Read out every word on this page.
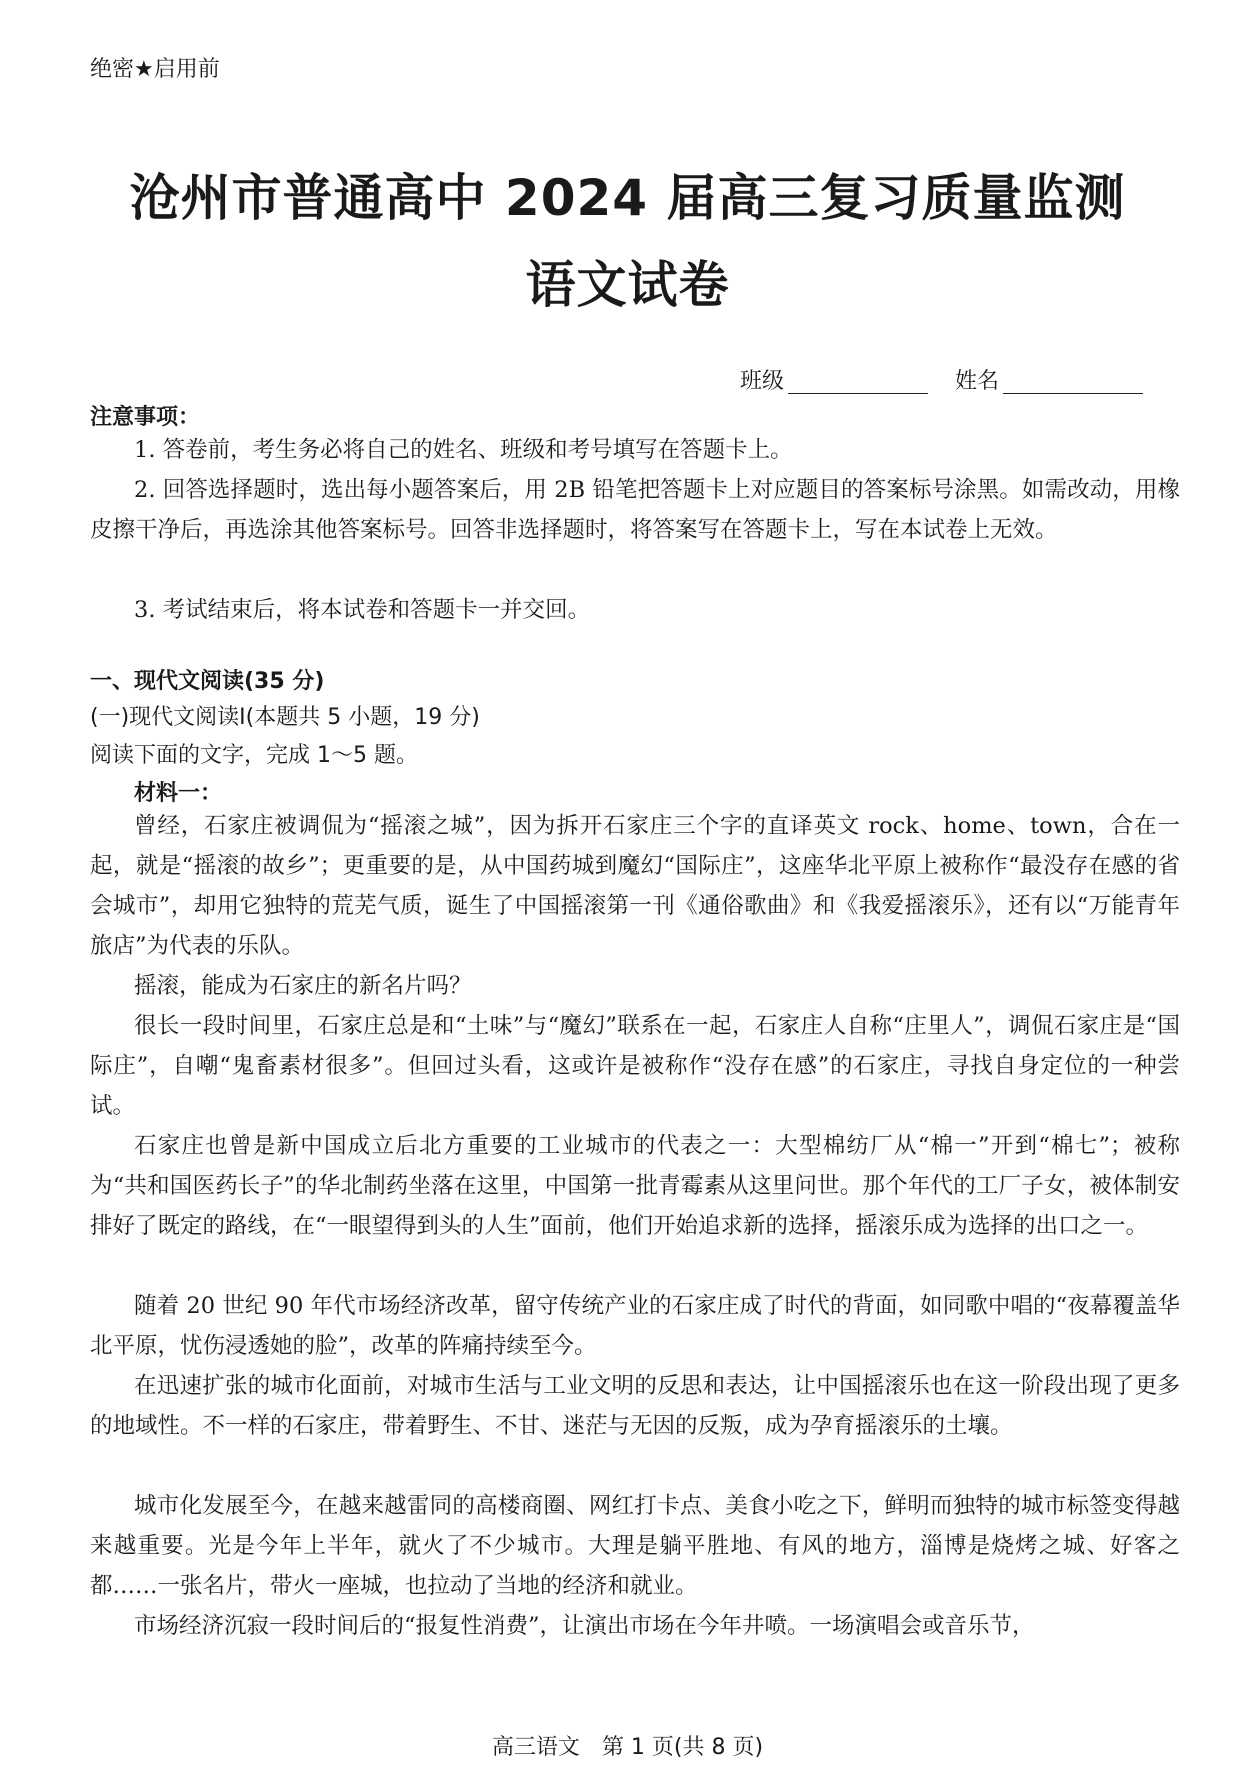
绝密★启用前
沧州市普通高中 2024 届高三复习质量监测
语文试卷
班级	姓名
注意事项：
1. 答卷前，考生务必将自己的姓名、班级和考号填写在答题卡上。
2. 回答选择题时，选出每小题答案后，用 2B 铅笔把答题卡上对应题目的答案标号涂黑。如需改动，用橡皮擦干净后，再选涂其他答案标号。回答非选择题时，将答案写在答题卡上，写在本试卷上无效。
3. 考试结束后，将本试卷和答题卡一并交回。
一、现代文阅读(35 分)
(一)现代文阅读Ⅰ(本题共 5 小题，19 分)
阅读下面的文字，完成 1～5 题。
材料一：
曾经，石家庄被调侃为“摇滚之城”，因为拆开石家庄三个字的直译英文 rock、home、town，合在一起，就是“摇滚的故乡”；更重要的是，从中国药城到魔幻“国际庄”，这座华北平原上被称作“最没存在感的省会城市”，却用它独特的荒芜气质，诞生了中国摇滚第一刊《通俗歌曲》和《我爱摇滚乐》，还有以“万能青年旅店”为代表的乐队。
摇滚，能成为石家庄的新名片吗？
很长一段时间里，石家庄总是和“土味”与“魔幻”联系在一起，石家庄人自称“庄里人”，调侃石家庄是“国际庄”，自嘲“鬼畜素材很多”。但回过头看，这或许是被称作“没存在感”的石家庄，寻找自身定位的一种尝试。
石家庄也曾是新中国成立后北方重要的工业城市的代表之一：大型棉纺厂从“棉一”开到“棉七”；被称为“共和国医药长子”的华北制药坐落在这里，中国第一批青霉素从这里问世。那个年代的工厂子女，被体制安排好了既定的路线，在“一眼望得到头的人生”面前，他们开始追求新的选择，摇滚乐成为选择的出口之一。
随着 20 世纪 90 年代市场经济改革，留守传统产业的石家庄成了时代的背面，如同歌中唱的“夜幕覆盖华北平原，忧伤浸透她的脸”，改革的阵痛持续至今。
在迅速扩张的城市化面前，对城市生活与工业文明的反思和表达，让中国摇滚乐也在这一阶段出现了更多的地域性。不一样的石家庄，带着野生、不甘、迷茫与无因的反叛，成为孕育摇滚乐的土壤。
城市化发展至今，在越来越雷同的高楼商圈、网红打卡点、美食小吃之下，鲜明而独特的城市标签变得越来越重要。光是今年上半年，就火了不少城市。大理是躺平胜地、有风的地方，淄博是烧烤之城、好客之都……一张名片，带火一座城，也拉动了当地的经济和就业。
市场经济沉寂一段时间后的“报复性消费”，让演出市场在今年井喷。一场演唱会或音乐节，
高三语文　第 1 页(共 8 页)
